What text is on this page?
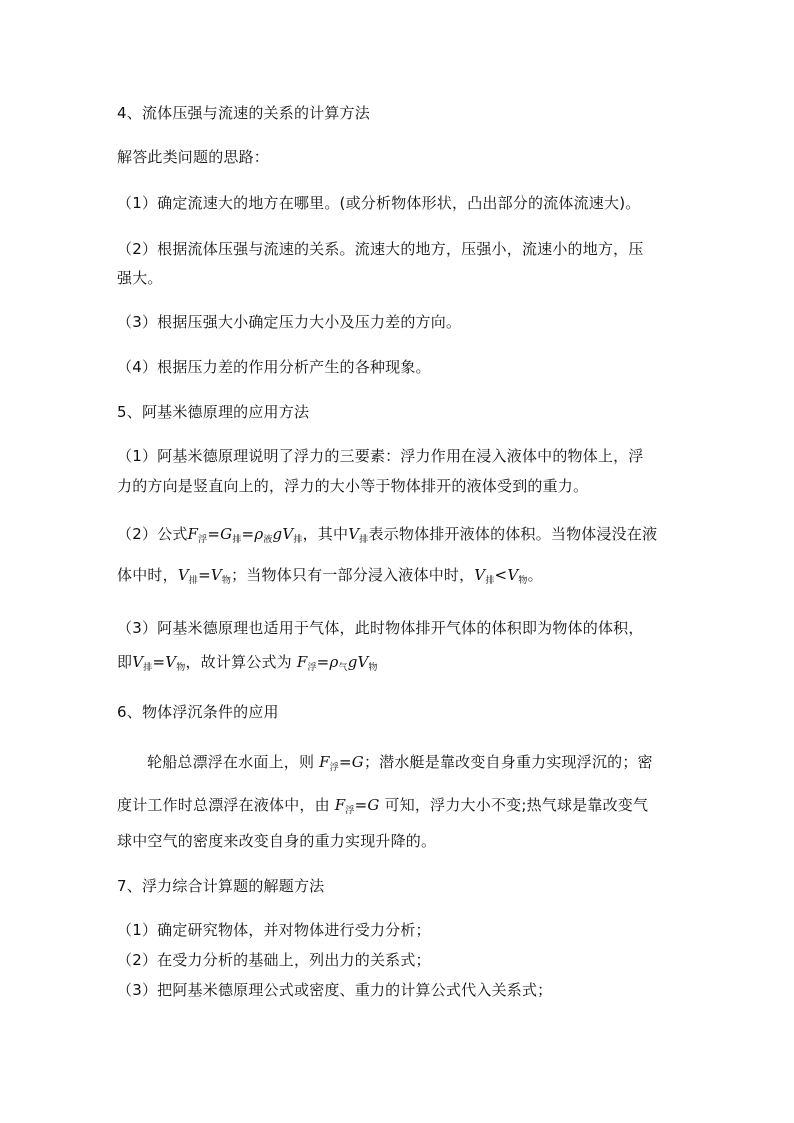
4、流体压强与流速的关系的计算方法
解答此类问题的思路：
（1）确定流速大的地方在哪里。(或分析物体形状，凸出部分的流体流速大)。
（2）根据流体压强与流速的关系。流速大的地方，压强小，流速小的地方，压
强大。
（3）根据压强大小确定压力大小及压力差的方向。
（4）根据压力差的作用分析产生的各种现象。
5、阿基米德原理的应用方法
（1）阿基米德原理说明了浮力的三要素：浮力作用在浸入液体中的物体上，浮
力的方向是竖直向上的，浮力的大小等于物体排开的液体受到的重力。
（2）公式$F_浮=G_排=\rho_液gV_排$，其中$V_排$表示物体排开液体的体积。当物体浸没在液
体中时，$V_排=V_物$；当物体只有一部分浸入液体中时，$V_排<V_物$。
（3）阿基米德原理也适用于气体，此时物体排开气体的体积即为物体的体积，
即$V_排=V_物$，故计算公式为 $F_浮=\rho_气gV_物$
6、物体浮沉条件的应用
轮船总漂浮在水面上，则 $F_浮=G$；潜水艇是靠改变自身重力实现浮沉的；密
度计工作时总漂浮在液体中，由 $F_浮=G$ 可知，浮力大小不变;热气球是靠改变气
球中空气的密度来改变自身的重力实现升降的。
7、浮力综合计算题的解题方法
（1）确定研究物体，并对物体进行受力分析；
（2）在受力分析的基础上，列出力的关系式；
（3）把阿基米德原理公式或密度、重力的计算公式代入关系式；
